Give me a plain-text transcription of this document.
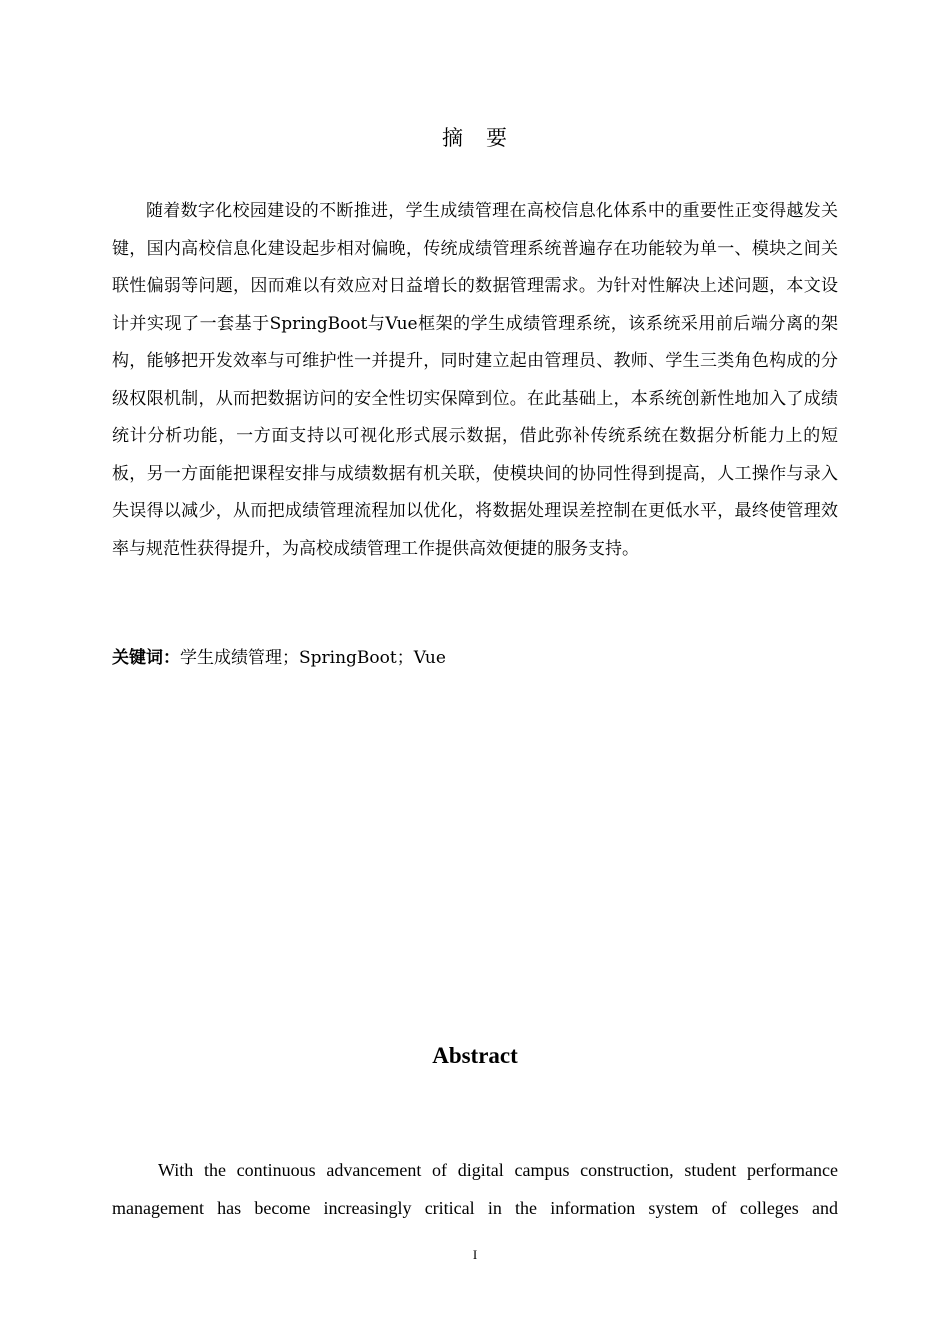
摘　要

随着数字化校园建设的不断推进，学生成绩管理在高校信息化体系中的重要性正变得越发关键，国内高校信息化建设起步相对偏晚，传统成绩管理系统普遍存在功能较为单一、模块之间关联性偏弱等问题，因而难以有效应对日益增长的数据管理需求。为针对性解决上述问题，本文设计并实现了一套基于SpringBoot与Vue框架的学生成绩管理系统，该系统采用前后端分离的架构，能够把开发效率与可维护性一并提升，同时建立起由管理员、教师、学生三类角色构成的分级权限机制，从而把数据访问的安全性切实保障到位。在此基础上，本系统创新性地加入了成绩统计分析功能，一方面支持以可视化形式展示数据，借此弥补传统系统在数据分析能力上的短板，另一方面能把课程安排与成绩数据有机关联，使模块间的协同性得到提高，人工操作与录入失误得以减少，从而把成绩管理流程加以优化，将数据处理误差控制在更低水平，最终使管理效率与规范性获得提升，为高校成绩管理工作提供高效便捷的服务支持。

关键词：学生成绩管理；SpringBoot；Vue

Abstract

With the continuous advancement of digital campus construction, student performance management has become increasingly critical in the information system of colleges and

I
